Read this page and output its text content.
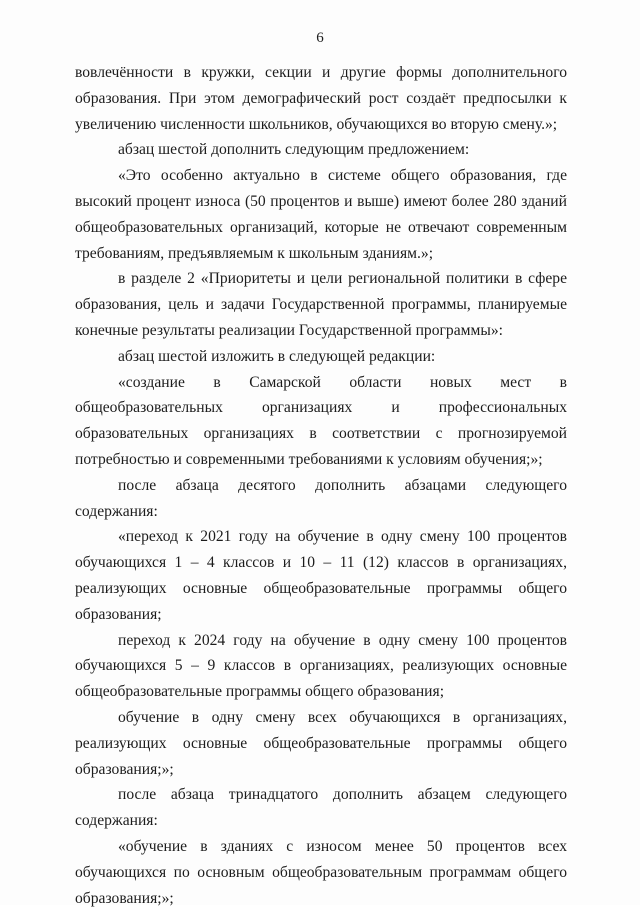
6

вовлечённости в кружки, секции и другие формы дополнительного образования. При этом демографический рост создаёт предпосылки к увеличению численности школьников, обучающихся во вторую смену.»;

абзац шестой дополнить следующим предложением:

«Это особенно актуально в системе общего образования, где высокий процент износа (50 процентов и выше) имеют более 280 зданий общеобразовательных организаций, которые не отвечают современным требованиям, предъявляемым к школьным зданиям.»;

в разделе 2 «Приоритеты и цели региональной политики в сфере образования, цель и задачи Государственной программы, планируемые конечные результаты реализации Государственной программы»:

абзац шестой изложить в следующей редакции:

«создание в Самарской области новых мест в общеобразовательных организациях и профессиональных образовательных организациях в соответствии с прогнозируемой потребностью и современными требованиями к условиям обучения;»;

после абзаца десятого дополнить абзацами следующего содержания:

«переход к 2021 году на обучение в одну смену 100 процентов обучающихся 1 – 4 классов и 10 – 11 (12) классов в организациях, реализующих основные общеобразовательные программы общего образования;

переход к 2024 году на обучение в одну смену 100 процентов обучающихся 5 – 9 классов в организациях, реализующих основные общеобразовательные программы общего образования;

обучение в одну смену всех обучающихся в организациях, реализующих основные общеобразовательные программы общего образования;»;

после абзаца тринадцатого дополнить абзацем следующего содержания:

«обучение в зданиях с износом менее 50 процентов всех обучающихся по основным общеобразовательным программам общего образования;»;
